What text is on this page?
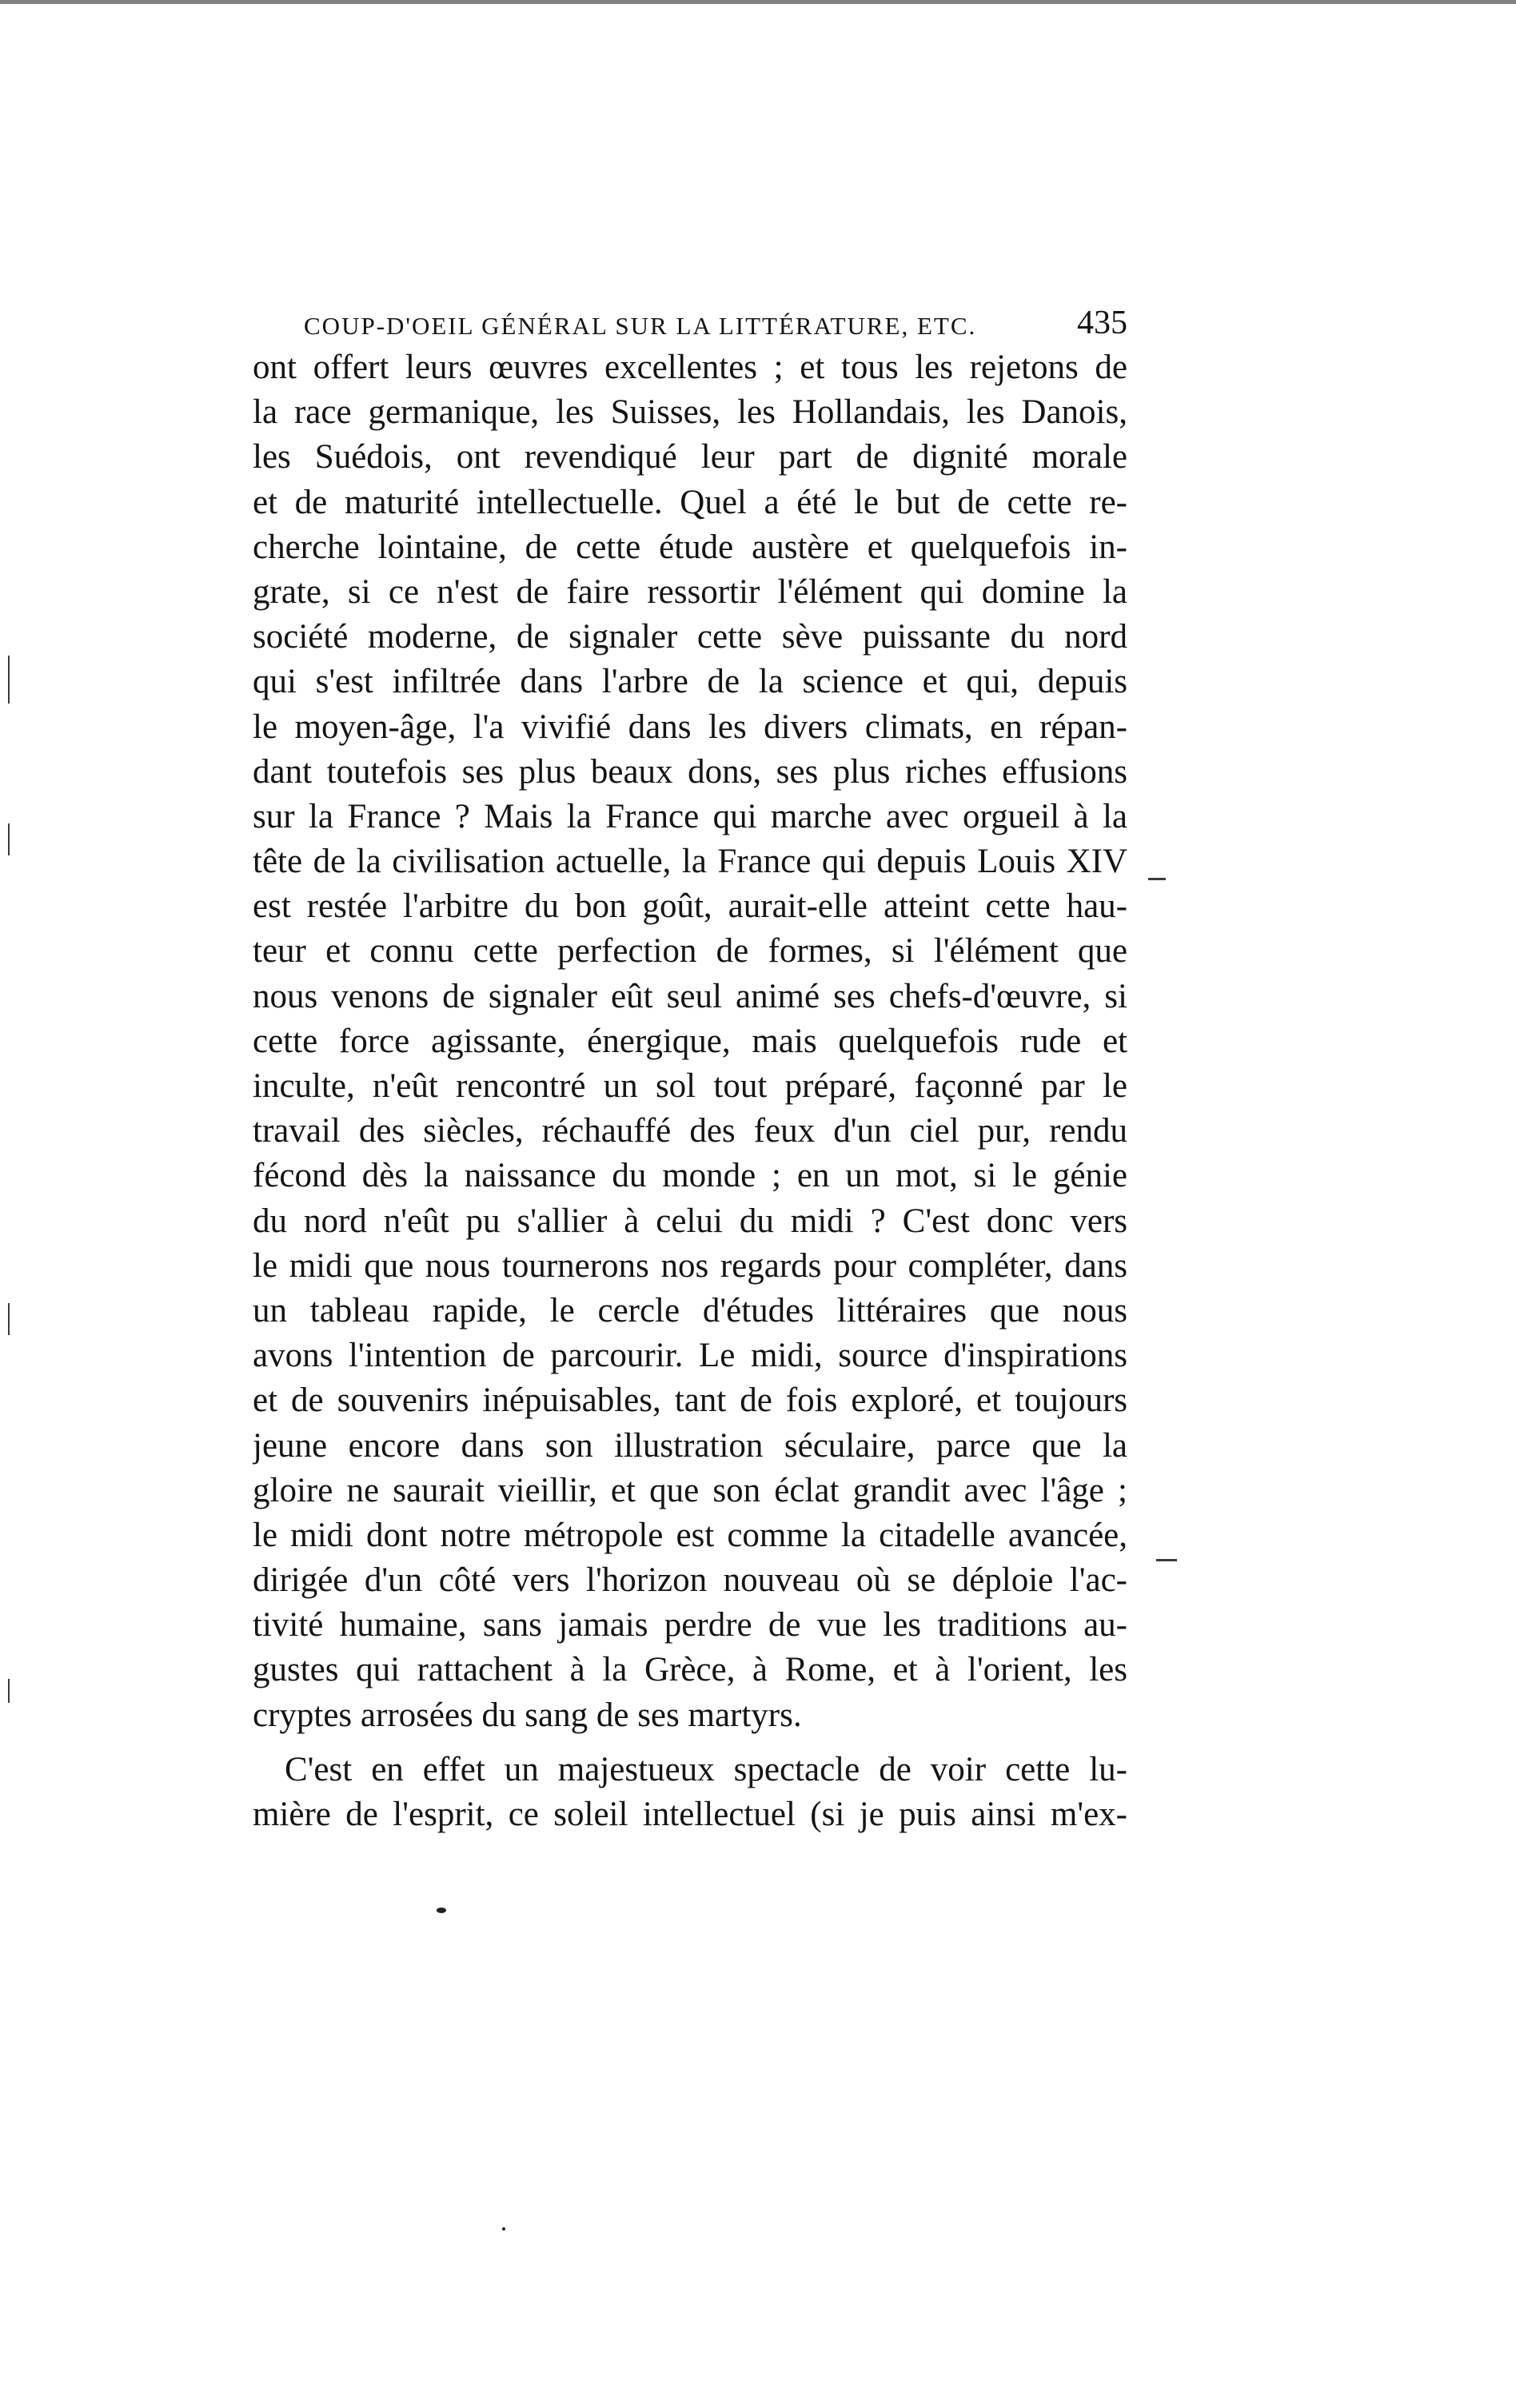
COUP-D'OEIL GÉNÉRAL SUR LA LITTÉRATURE, ETC.	435
ont offert leurs œuvres excellentes ; et tous les rejetons de
la race germanique, les Suisses, les Hollandais, les Danois,
les Suédois, ont revendiqué leur part de dignité morale
et de maturité intellectuelle. Quel a été le but de cette re-
cherche lointaine, de cette étude austère et quelquefois in-
grate, si ce n'est de faire ressortir l'élément qui domine la
société moderne, de signaler cette sève puissante du nord
qui s'est infiltrée dans l'arbre de la science et qui, depuis
le moyen-âge, l'a vivifié dans les divers climats, en répan-
dant toutefois ses plus beaux dons, ses plus riches effusions
sur la France ? Mais la France qui marche avec orgueil à la
tête de la civilisation actuelle, la France qui depuis Louis XIV
est restée l'arbitre du bon goût, aurait-elle atteint cette hau-
teur et connu cette perfection de formes, si l'élément que
nous venons de signaler eût seul animé ses chefs-d'œuvre, si
cette force agissante, énergique, mais quelquefois rude et
inculte, n'eût rencontré un sol tout préparé, façonné par le
travail des siècles, réchauffé des feux d'un ciel pur, rendu
fécond dès la naissance du monde ; en un mot, si le génie
du nord n'eût pu s'allier à celui du midi ? C'est donc vers
le midi que nous tournerons nos regards pour compléter, dans
un tableau rapide, le cercle d'études littéraires que nous
avons l'intention de parcourir. Le midi, source d'inspirations
et de souvenirs inépuisables, tant de fois exploré, et toujours
jeune encore dans son illustration séculaire, parce que la
gloire ne saurait vieillir, et que son éclat grandit avec l'âge ;
le midi dont notre métropole est comme la citadelle avancée,
dirigée d'un côté vers l'horizon nouveau où se déploie l'ac-
tivité humaine, sans jamais perdre de vue les traditions au-
gustes qui rattachent à la Grèce, à Rome, et à l'orient, les
cryptes arrosées du sang de ses martyrs.
C'est en effet un majestueux spectacle de voir cette lu-
mière de l'esprit, ce soleil intellectuel (si je puis ainsi m'ex-
